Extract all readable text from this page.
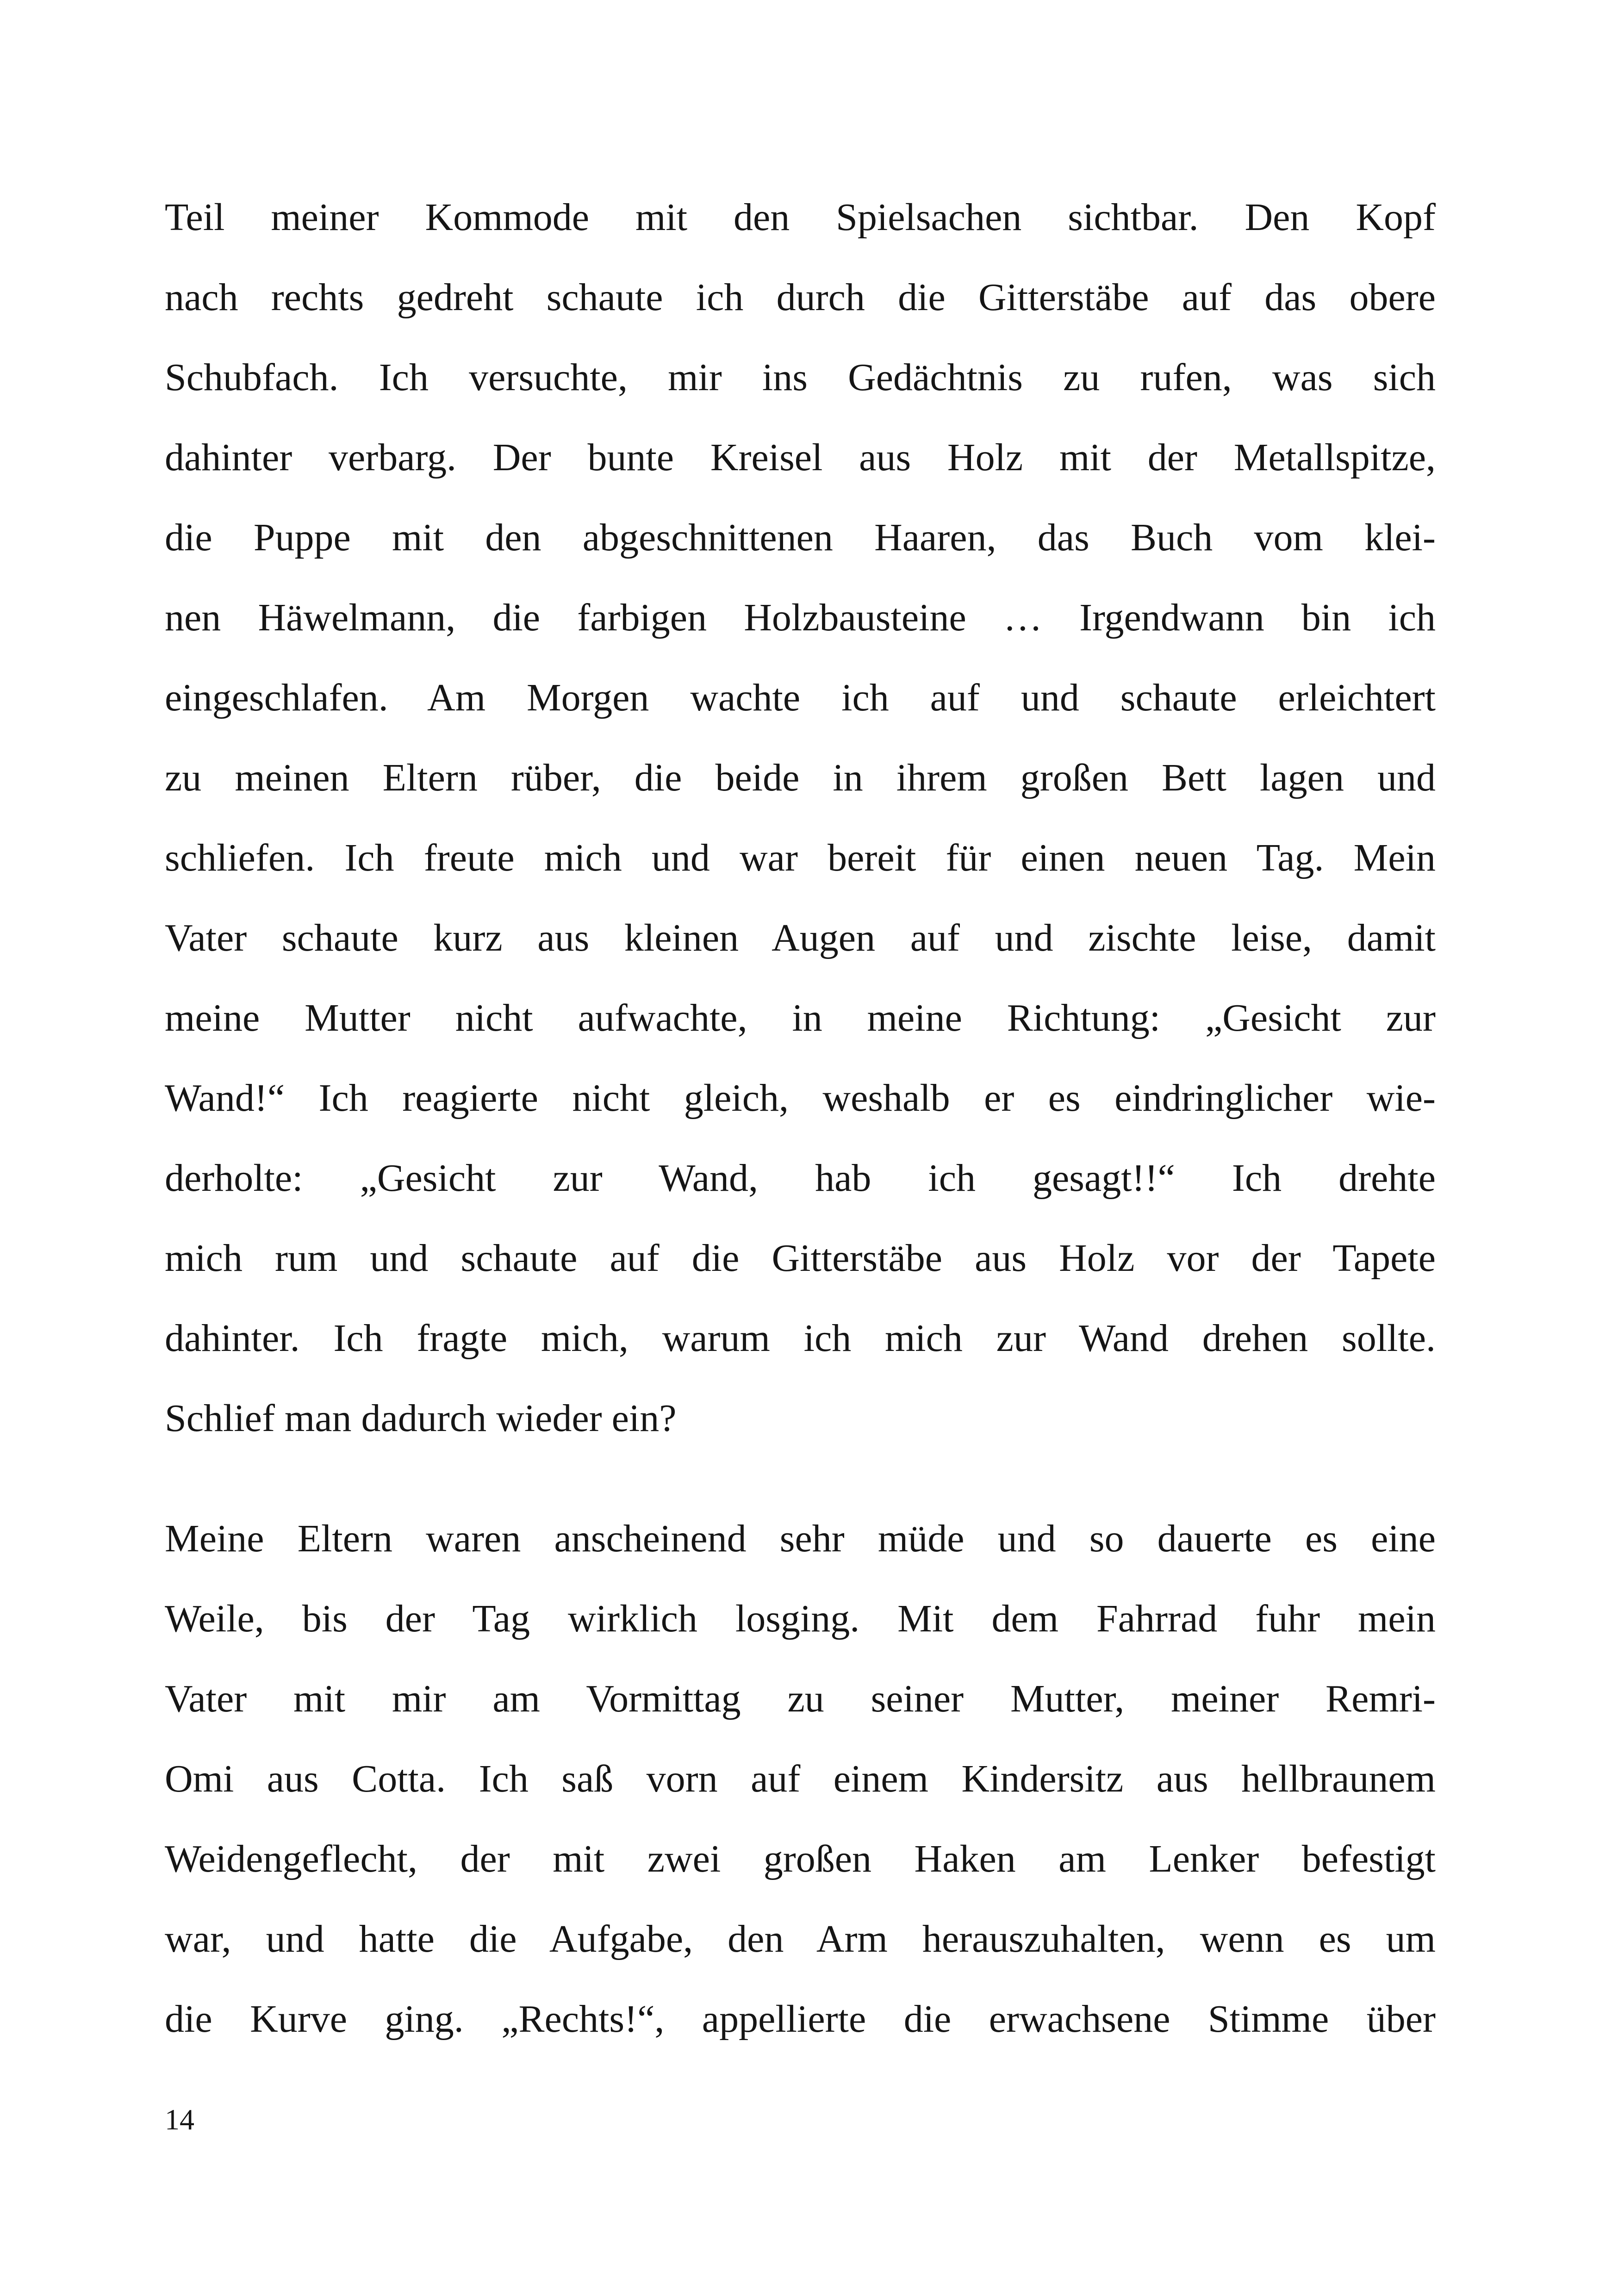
Teil meiner Kommode mit den Spielsachen sichtbar. Den Kopf
nach rechts gedreht schaute ich durch die Gitterstäbe auf das obere
Schubfach. Ich versuchte, mir ins Gedächtnis zu rufen, was sich
dahinter verbarg. Der bunte Kreisel aus Holz mit der Metallspitze,
die Puppe mit den abgeschnittenen Haaren, das Buch vom klei-
nen Häwelmann, die farbigen Holzbausteine … Irgendwann bin ich
eingeschlafen. Am Morgen wachte ich auf und schaute erleichtert
zu meinen Eltern rüber, die beide in ihrem großen Bett lagen und
schliefen. Ich freute mich und war bereit für einen neuen Tag. Mein
Vater schaute kurz aus kleinen Augen auf und zischte leise, damit
meine Mutter nicht aufwachte, in meine Richtung: „Gesicht zur
Wand!“ Ich reagierte nicht gleich, weshalb er es eindringlicher wie-
derholte: „Gesicht zur Wand, hab ich gesagt!!“ Ich drehte
mich rum und schaute auf die Gitterstäbe aus Holz vor der Tapete
dahinter. Ich fragte mich, warum ich mich zur Wand drehen sollte.
Schlief man dadurch wieder ein?
Meine Eltern waren anscheinend sehr müde und so dauerte es eine
Weile, bis der Tag wirklich losging. Mit dem Fahrrad fuhr mein
Vater mit mir am Vormittag zu seiner Mutter, meiner Remri-
Omi aus Cotta. Ich saß vorn auf einem Kindersitz aus hellbraunem
Weidengeflecht, der mit zwei großen Haken am Lenker befestigt
war, und hatte die Aufgabe, den Arm herauszuhalten, wenn es um
die Kurve ging. „Rechts!“, appellierte die erwachsene Stimme über
14
